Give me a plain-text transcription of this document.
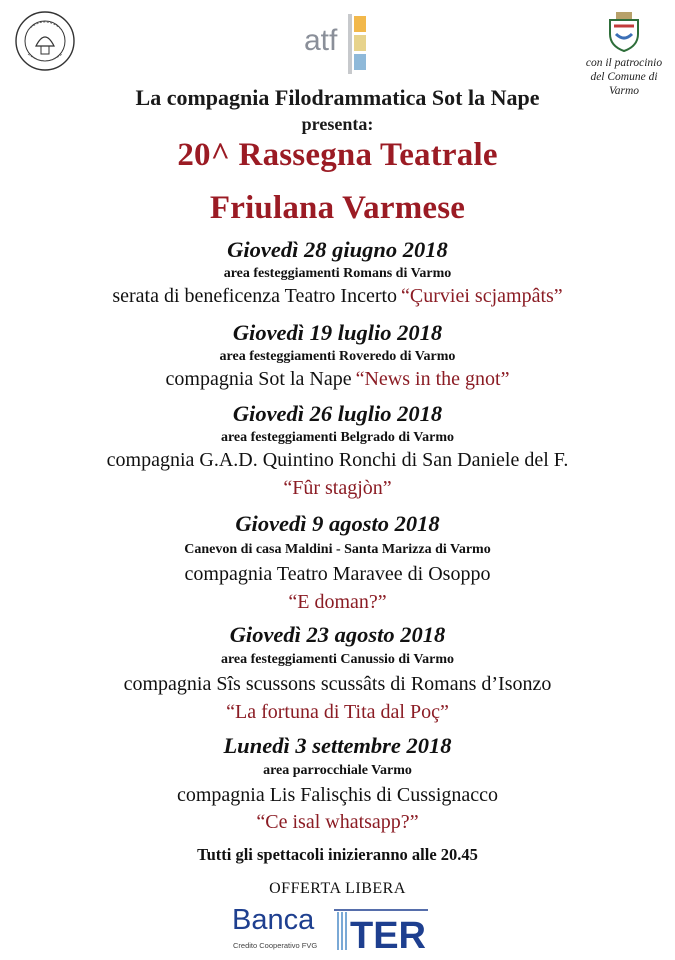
atf
con il patrocinio
del Comune di
Varmo
La compagnia Filodrammatica Sot la Nape
presenta:
20^ Rassegna Teatrale
Friulana Varmese
Giovedì 28 giugno 2018
area festeggiamenti Romans di Varmo
serata di beneficenza Teatro Incerto “Çurviei scjampâts”
Giovedì 19 luglio 2018
area festeggiamenti Roveredo di Varmo
compagnia Sot la Nape “News in the gnot”
Giovedì 26 luglio 2018
area festeggiamenti Belgrado di Varmo
compagnia G.A.D. Quintino Ronchi di San Daniele del F.
“Fûr stagjòn”
Giovedì 9 agosto 2018
Canevon di casa Maldini - Santa Marizza di Varmo
compagnia Teatro Maravee di Osoppo
“E doman?”
Giovedì 23 agosto 2018
area festeggiamenti Canussio di Varmo
compagnia Sîs scussons scussâts di Romans d’Isonzo
“La fortuna di Tita dal Poç”
Lunedì 3 settembre 2018
area parrocchiale Varmo
compagnia Lis Falisçhis di Cussignacco
“Ce isal whatsapp?”
Tutti gli spettacoli inizieranno alle 20.45
OFFERTA LIBERA
Banca
Credito Cooperativo FVG TER
